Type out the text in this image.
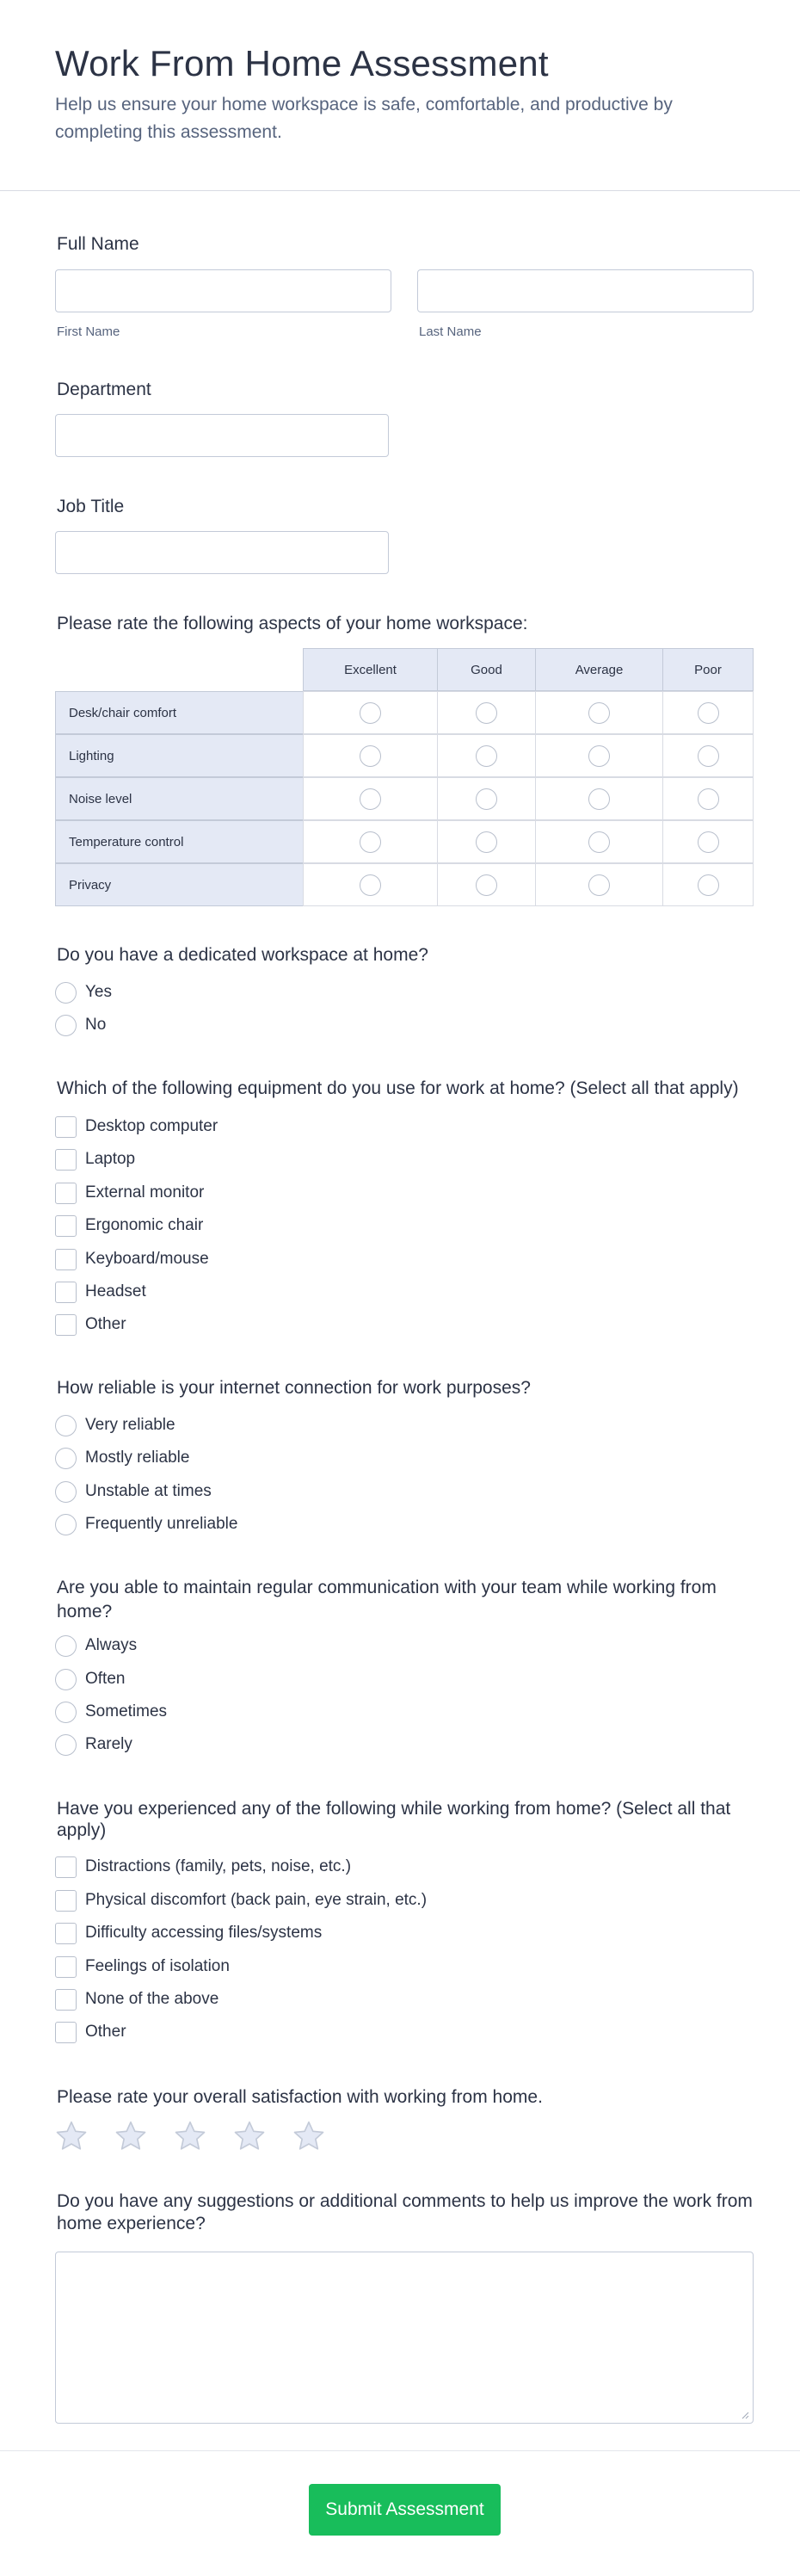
Work From Home Assessment

Help us ensure your home workspace is safe, comfortable, and productive by completing this assessment.

Full Name
First Name	Last Name
Department
Job Title
Please rate the following aspects of your home workspace:
Excellent	Good	Average	Poor
Desk/chair comfort
Lighting
Noise level
Temperature control
Privacy
Do you have a dedicated workspace at home?
Yes
No
Which of the following equipment do you use for work at home? (Select all that apply)
Desktop computer
Laptop
External monitor
Ergonomic chair
Keyboard/mouse
Headset
Other
How reliable is your internet connection for work purposes?
Very reliable
Mostly reliable
Unstable at times
Frequently unreliable
Are you able to maintain regular communication with your team while working from home?
Always
Often
Sometimes
Rarely
Have you experienced any of the following while working from home? (Select all that apply)
Distractions (family, pets, noise, etc.)
Physical discomfort (back pain, eye strain, etc.)
Difficulty accessing files/systems
Feelings of isolation
None of the above
Other
Please rate your overall satisfaction with working from home.
Do you have any suggestions or additional comments to help us improve the work from home experience?
Submit Assessment
